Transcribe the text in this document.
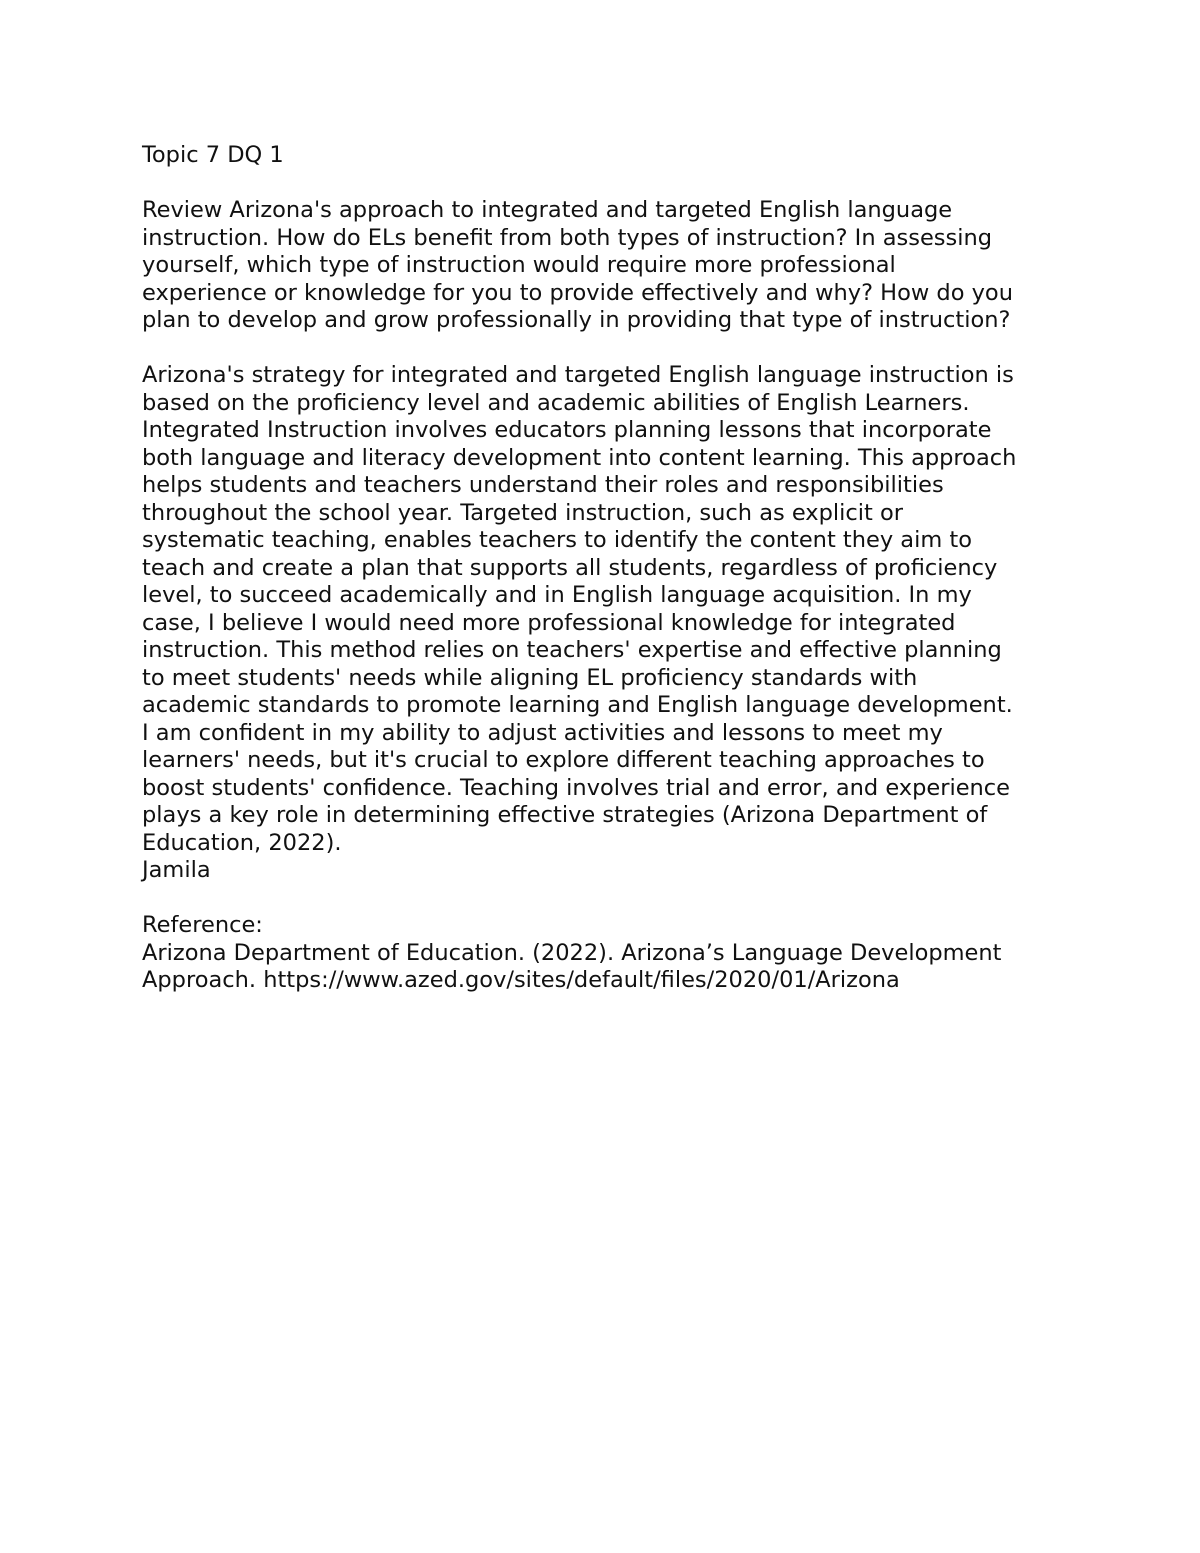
Topic 7 DQ 1
Review Arizona's approach to integrated and targeted English language
instruction. How do ELs benefit from both types of instruction? In assessing
yourself, which type of instruction would require more professional
experience or knowledge for you to provide effectively and why? How do you
plan to develop and grow professionally in providing that type of instruction?
Arizona's strategy for integrated and targeted English language instruction is
based on the proficiency level and academic abilities of English Learners.
Integrated Instruction involves educators planning lessons that incorporate
both language and literacy development into content learning. This approach
helps students and teachers understand their roles and responsibilities
throughout the school year. Targeted instruction, such as explicit or
systematic teaching, enables teachers to identify the content they aim to
teach and create a plan that supports all students, regardless of proficiency
level, to succeed academically and in English language acquisition. In my
case, I believe I would need more professional knowledge for integrated
instruction. This method relies on teachers' expertise and effective planning
to meet students' needs while aligning EL proficiency standards with
academic standards to promote learning and English language development.
I am confident in my ability to adjust activities and lessons to meet my
learners' needs, but it's crucial to explore different teaching approaches to
boost students' confidence. Teaching involves trial and error, and experience
plays a key role in determining effective strategies (Arizona Department of
Education, 2022).
Jamila
Reference:
Arizona Department of Education. (2022). Arizona’s Language Development
Approach. https://www.azed.gov/sites/default/files/2020/01/Arizona
